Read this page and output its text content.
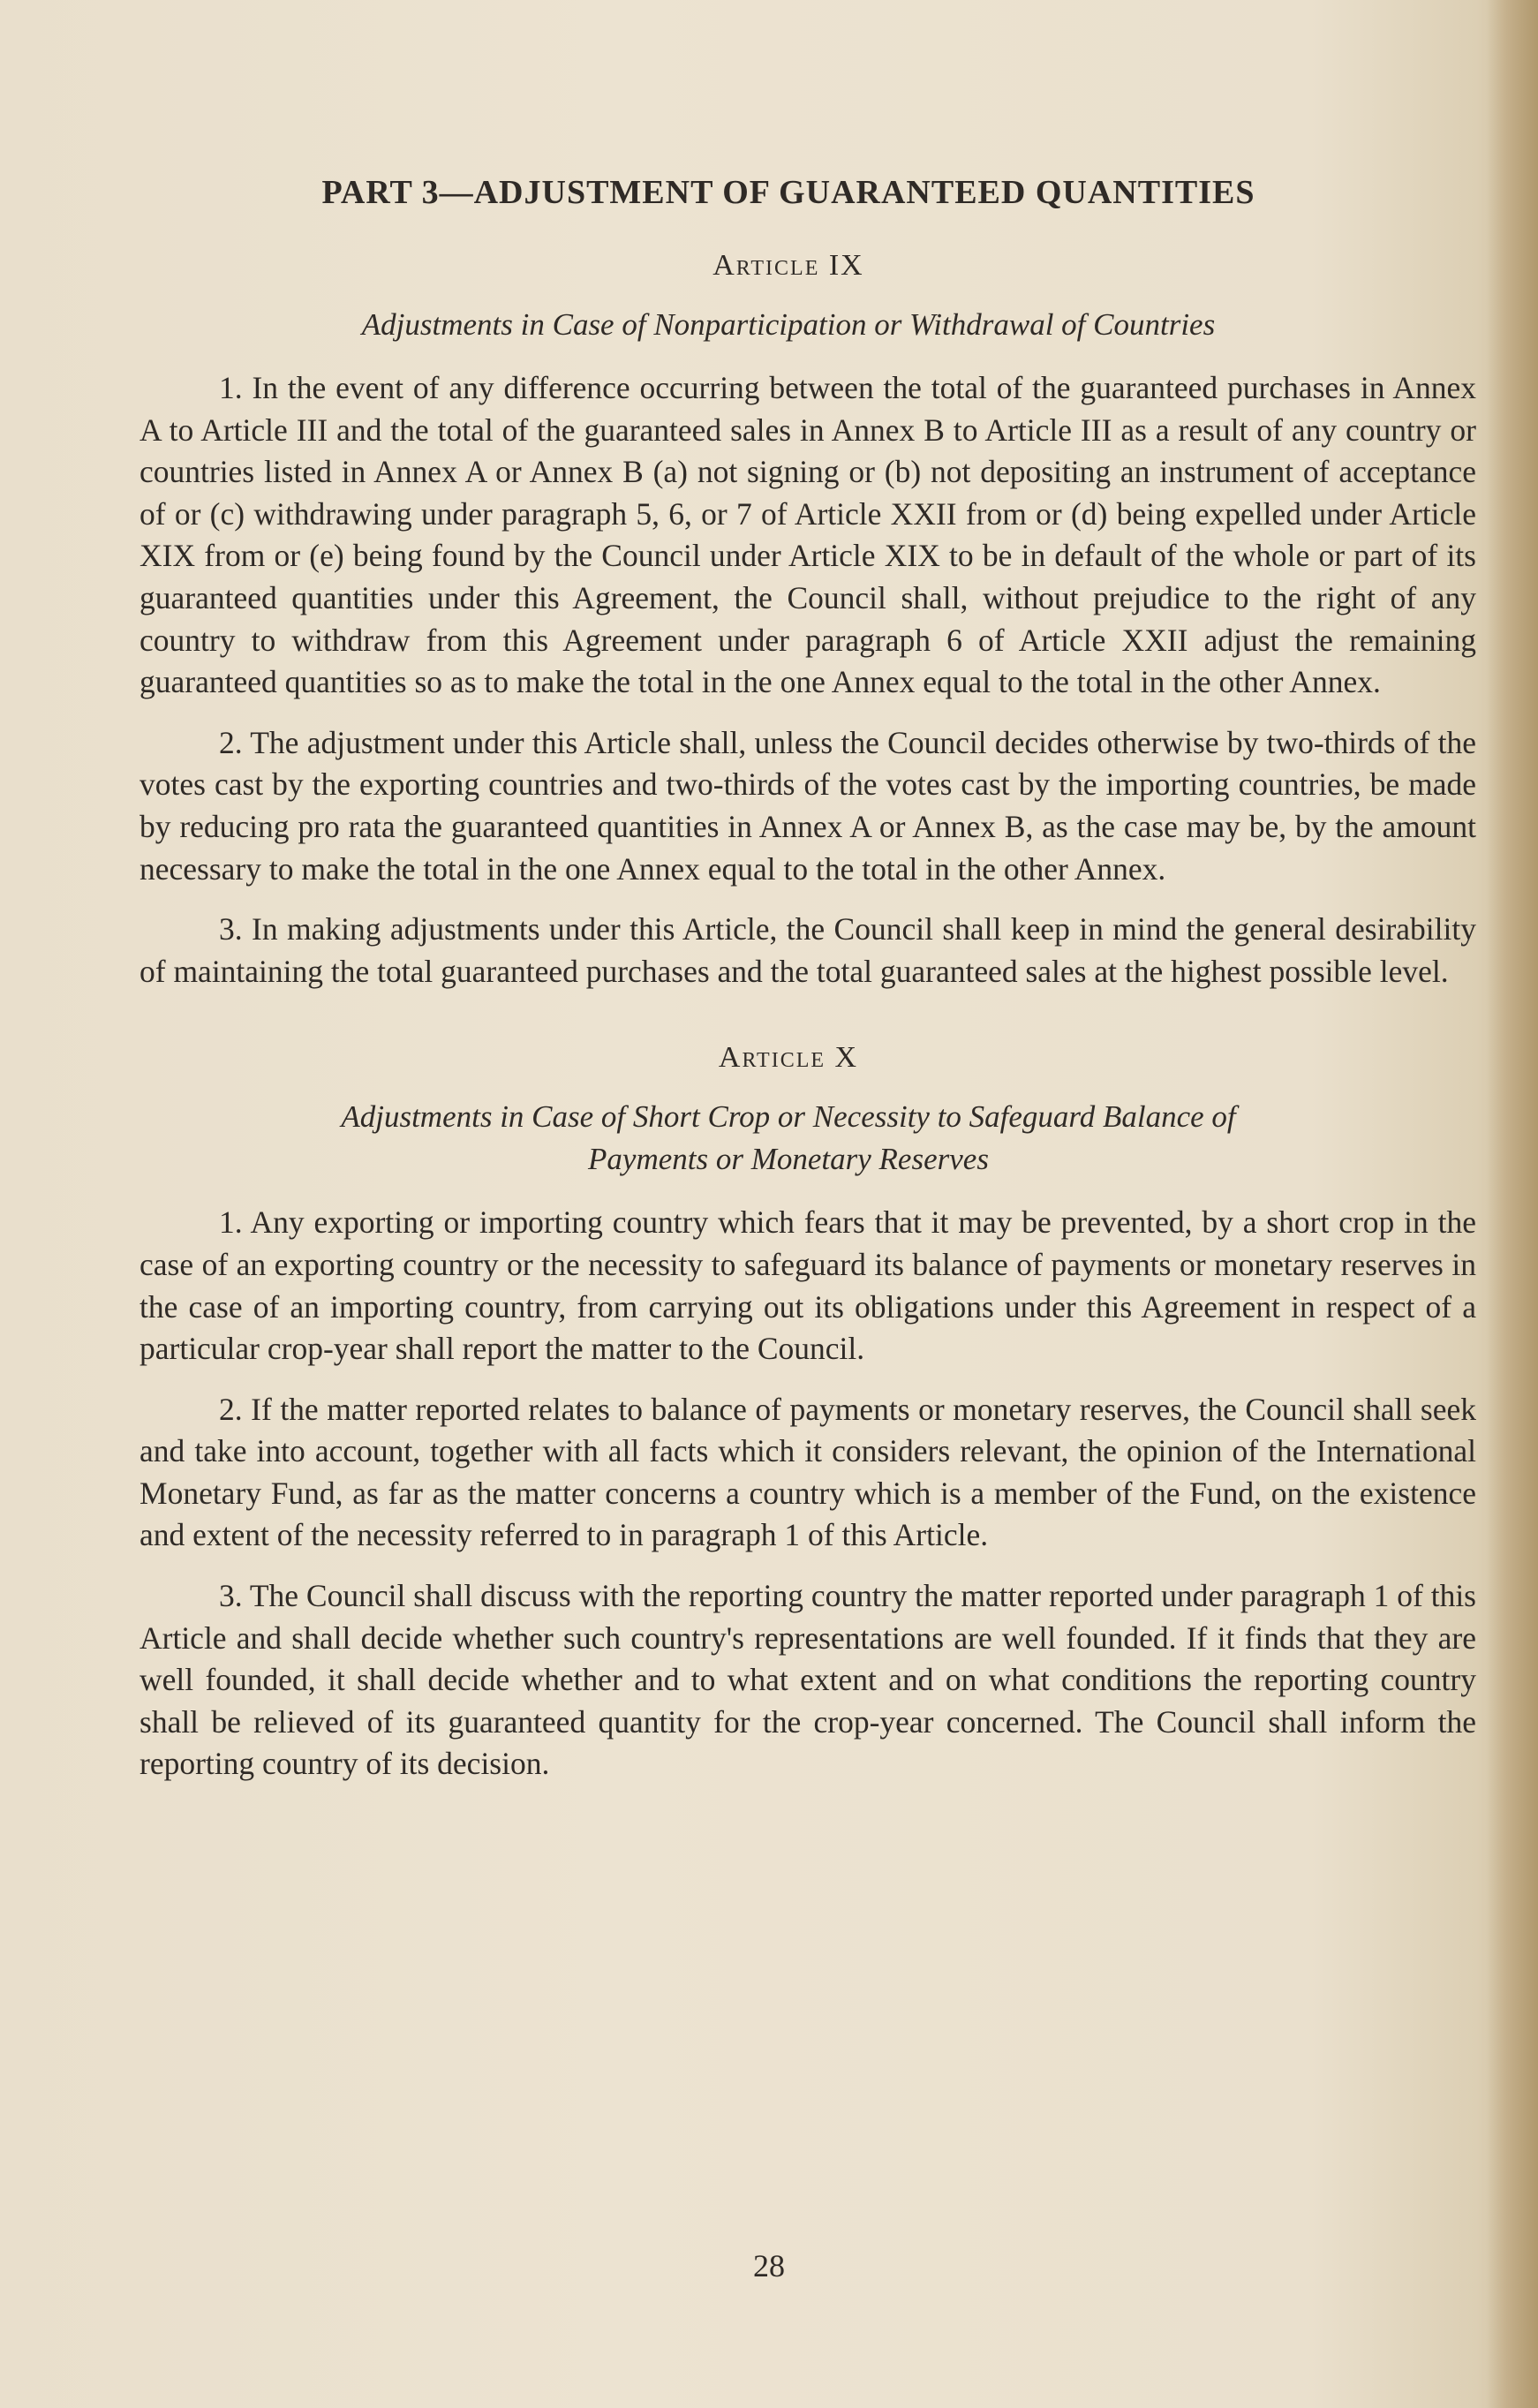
PART 3—ADJUSTMENT OF GUARANTEED QUANTITIES
Article IX
Adjustments in Case of Nonparticipation or Withdrawal of Countries

1. In the event of any difference occurring between the total of the guaranteed purchases in Annex A to Article III and the total of the guaranteed sales in Annex B to Article III as a result of any country or countries listed in Annex A or Annex B (a) not signing or (b) not depositing an instrument of acceptance of or (c) withdrawing under paragraph 5, 6, or 7 of Article XXII from or (d) being expelled under Article XIX from or (e) being found by the Council under Article XIX to be in default of the whole or part of its guaranteed quantities under this Agreement, the Council shall, without prejudice to the right of any country to withdraw from this Agreement under paragraph 6 of Article XXII adjust the remaining guaranteed quantities so as to make the total in the one Annex equal to the total in the other Annex.

2. The adjustment under this Article shall, unless the Council decides otherwise by two-thirds of the votes cast by the exporting countries and two-thirds of the votes cast by the importing countries, be made by reducing pro rata the guaranteed quantities in Annex A or Annex B, as the case may be, by the amount necessary to make the total in the one Annex equal to the total in the other Annex.

3. In making adjustments under this Article, the Council shall keep in mind the general desirability of maintaining the total guaranteed purchases and the total guaranteed sales at the highest possible level.

Article X
Adjustments in Case of Short Crop or Necessity to Safeguard Balance of
Payments or Monetary Reserves

1. Any exporting or importing country which fears that it may be prevented, by a short crop in the case of an exporting country or the necessity to safeguard its balance of payments or monetary reserves in the case of an importing country, from carrying out its obligations under this Agreement in respect of a particular crop-year shall report the matter to the Council.

2. If the matter reported relates to balance of payments or monetary reserves, the Council shall seek and take into account, together with all facts which it considers relevant, the opinion of the International Monetary Fund, as far as the matter concerns a country which is a member of the Fund, on the existence and extent of the necessity referred to in paragraph 1 of this Article.

3. The Council shall discuss with the reporting country the matter reported under paragraph 1 of this Article and shall decide whether such country's representations are well founded. If it finds that they are well founded, it shall decide whether and to what extent and on what conditions the reporting country shall be relieved of its guaranteed quantity for the crop-year concerned. The Council shall inform the reporting country of its decision.

28
